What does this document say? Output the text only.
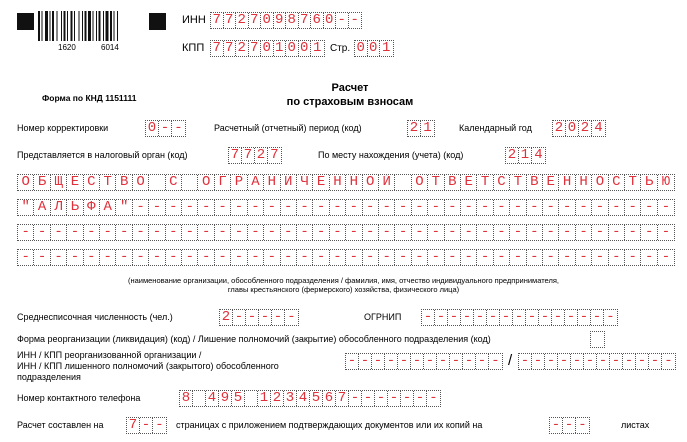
1620	6014
ИНН 7 7 2 7 0 9 8 7 6 0 - -
КПП 7 7 2 7 0 1 0 0 1 Стр. 0 0 1
Форма по КНД 1151111
Расчет
по страховым взносам
Номер корректировки	0 - -	Расчетный (отчетный) период (код)	2 1	Календарный год 2 0 2 4
Представляется в налоговый орган (код)	7 7 2 7	По месту нахождения (учета) (код)	2 1 4
О Б Щ Е С Т В О	С	О Г Р А Н И Ч Е Н Н О Й	О Т В Е Т С Т В Е Н Н О С Т Ь Ю
" А Л Ь Ф А " - - - - - - - - - - - - - - - - - - - - - - - - - - - - - - - - -
- - - - - - - - - - - - - - - - - - - - - - - - - - - - - - - - - - - - - - - -
- - - - - - - - - - - - - - - - - - - - - - - - - - - - - - - - - - - - - - - -
(наименование организации, обособленного подразделения / фамилия, имя, отчество индивидуального предпринимателя,
главы крестьянского (фермерского) хозяйства, физического лица)
Среднесписочная численность (чел.)	2 - - - - -	ОГРНИП - - - - - - - - - - - - - - -
Форма реорганизации (ликвидация) (код) / Лишение полномочий (закрытие) обособленного подразделения (код)
ИНН / КПП реорганизованной организации /
ИНН / КПП лишенного полномочий (закрытого) обособленного
подразделения
- - - - - - - - - - - - / - - - - - - - - - - - -
Номер контактного телефона	8 4 9 5 1 2 3 4 5 6 7 - - - - - - -
Расчет составлен на 7 - - страницах с приложением подтверждающих документов или их копий на	- - -	листах
